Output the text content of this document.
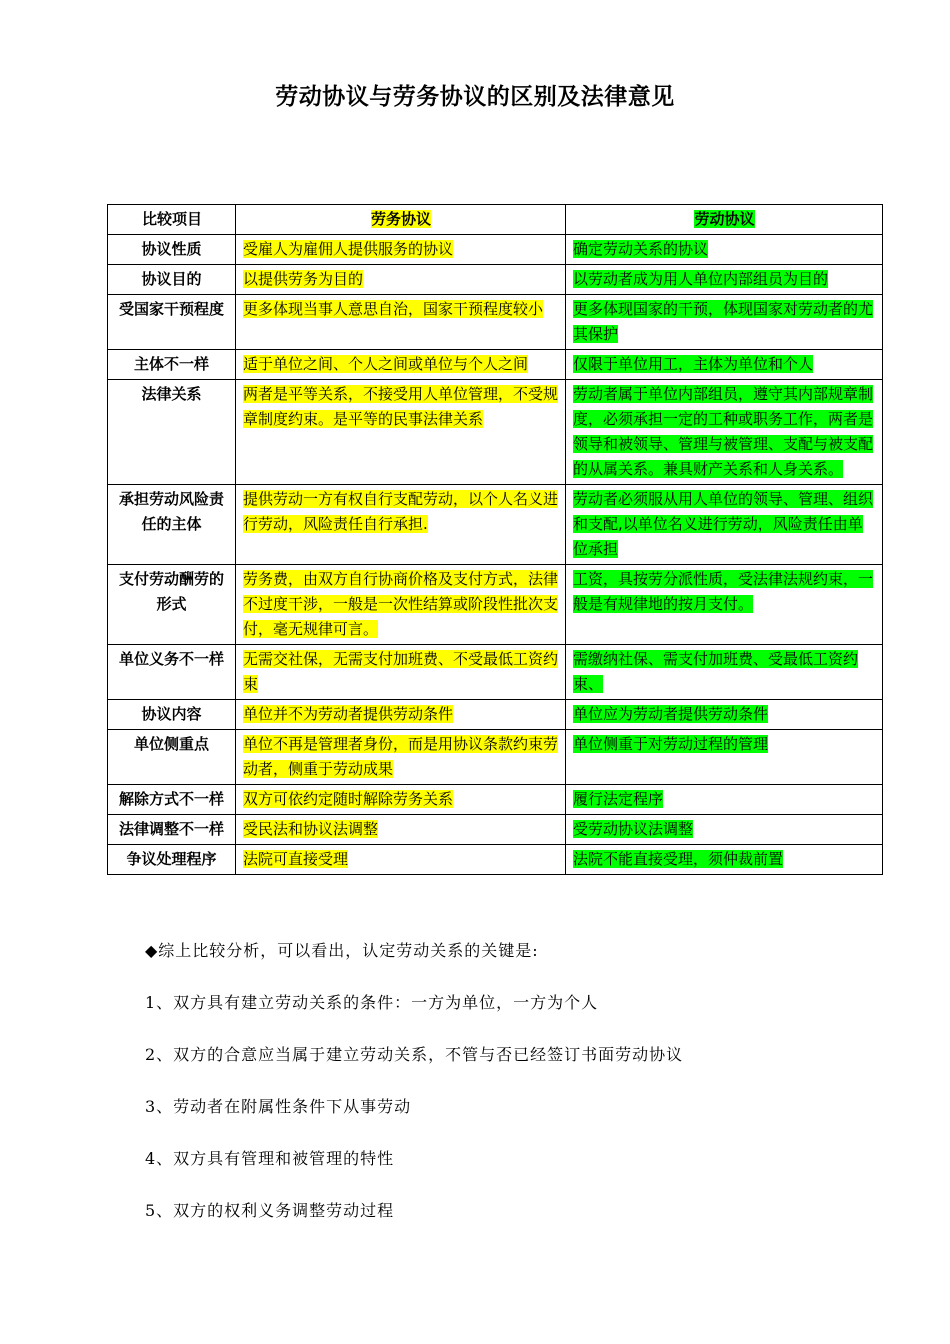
劳动协议与劳务协议的区别及法律意见
比较项目	劳务协议	劳动协议
协议性质	受雇人为雇佣人提供服务的协议	确定劳动关系的协议
协议目的	以提供劳务为目的	以劳动者成为用人单位内部组员为目的
受国家干预程度	更多体现当事人意思自治，国家干预程度较小	更多体现国家的干预，体现国家对劳动者的尤其保护
主体不一样	适于单位之间、个人之间或单位与个人之间	仅限于单位用工，主体为单位和个人
法律关系	两者是平等关系，不接受用人单位管理，不受规章制度约束。是平等的民事法律关系	劳动者属于单位内部组员，遵守其内部规章制度，必须承担一定的工种或职务工作，两者是领导和被领导、管理与被管理、支配与被支配的从属关系。兼具财产关系和人身关系。
承担劳动风险责任的主体	提供劳动一方有权自行支配劳动，以个人名义进行劳动，风险责任自行承担.	劳动者必须服从用人单位的领导、管理、组织和支配,以单位名义进行劳动，风险责任由单位承担
支付劳动酬劳的形式	劳务费，由双方自行协商价格及支付方式，法律不过度干涉，一般是一次性结算或阶段性批次支付，毫无规律可言。	工资，具按劳分派性质，受法律法规约束，一般是有规律地的按月支付。
单位义务不一样	无需交社保，无需支付加班费、不受最低工资约束	需缴纳社保、需支付加班费、受最低工资约束、
协议内容	单位并不为劳动者提供劳动条件	单位应为劳动者提供劳动条件
单位侧重点	单位不再是管理者身份，而是用协议条款约束劳动者，侧重于劳动成果	单位侧重于对劳动过程的管理
解除方式不一样	双方可依约定随时解除劳务关系	履行法定程序
法律调整不一样	受民法和协议法调整	受劳动协议法调整
争议处理程序	法院可直接受理	法院不能直接受理，须仲裁前置

◆综上比较分析，可以看出，认定劳动关系的关键是:

1、双方具有建立劳动关系的条件：一方为单位，一方为个人

2、双方的合意应当属于建立劳动关系，不管与否已经签订书面劳动协议

3、劳动者在附属性条件下从事劳动

4、双方具有管理和被管理的特性

5、双方的权利义务调整劳动过程
